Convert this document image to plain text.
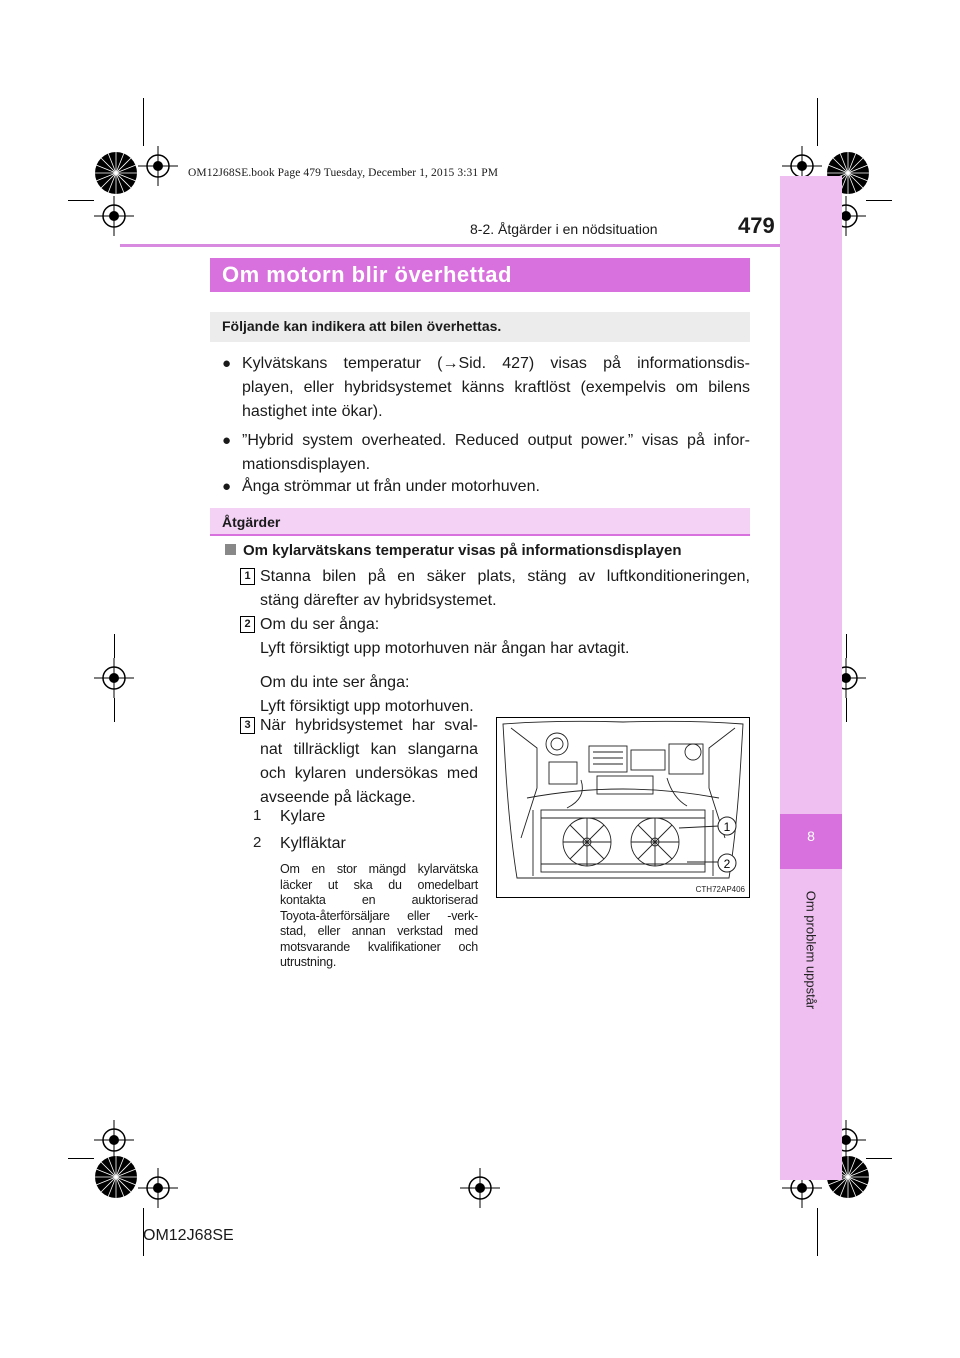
OM12J68SE.book Page 479 Tuesday, December 1, 2015 3:31 PM
8
Om problem uppstår
8-2. Åtgärder i en nödsituation	479
Om motorn blir överhettad
Följande kan indikera att bilen överhettas.
● Kylvätskans temperatur (→Sid. 427) visas på informationsdis-
playen, eller hybridsystemet känns kraftlöst (exempelvis om bilens
hastighet inte ökar).
● ”Hybrid system overheated. Reduced output power.” visas på infor-
mationsdisplayen.
● Ånga strömmar ut från under motorhuven.
Åtgärder
Om kylarvätskans temperatur visas på informationsdisplayen
1 Stanna bilen på en säker plats, stäng av luftkonditioneringen,
stäng därefter av hybridsystemet.
2 Om du ser ånga:
Lyft försiktigt upp motorhuven när ångan har avtagit.
Om du inte ser ånga:
Lyft försiktigt upp motorhuven.
3 När hybridsystemet har sval-
nat tillräckligt kan slangarna
och kylaren undersökas med
avseende på läckage.
1 Kylare
2 Kylfläktar
Om en stor mängd kylarvätska
läcker ut ska du omedelbart
kontakta en auktoriserad
Toyota-återförsäljare eller -verk-
stad, eller annan verkstad med
motsvarande kvalifikationer och
utrustning.
1
2
CTH72AP406
OM12J68SE
